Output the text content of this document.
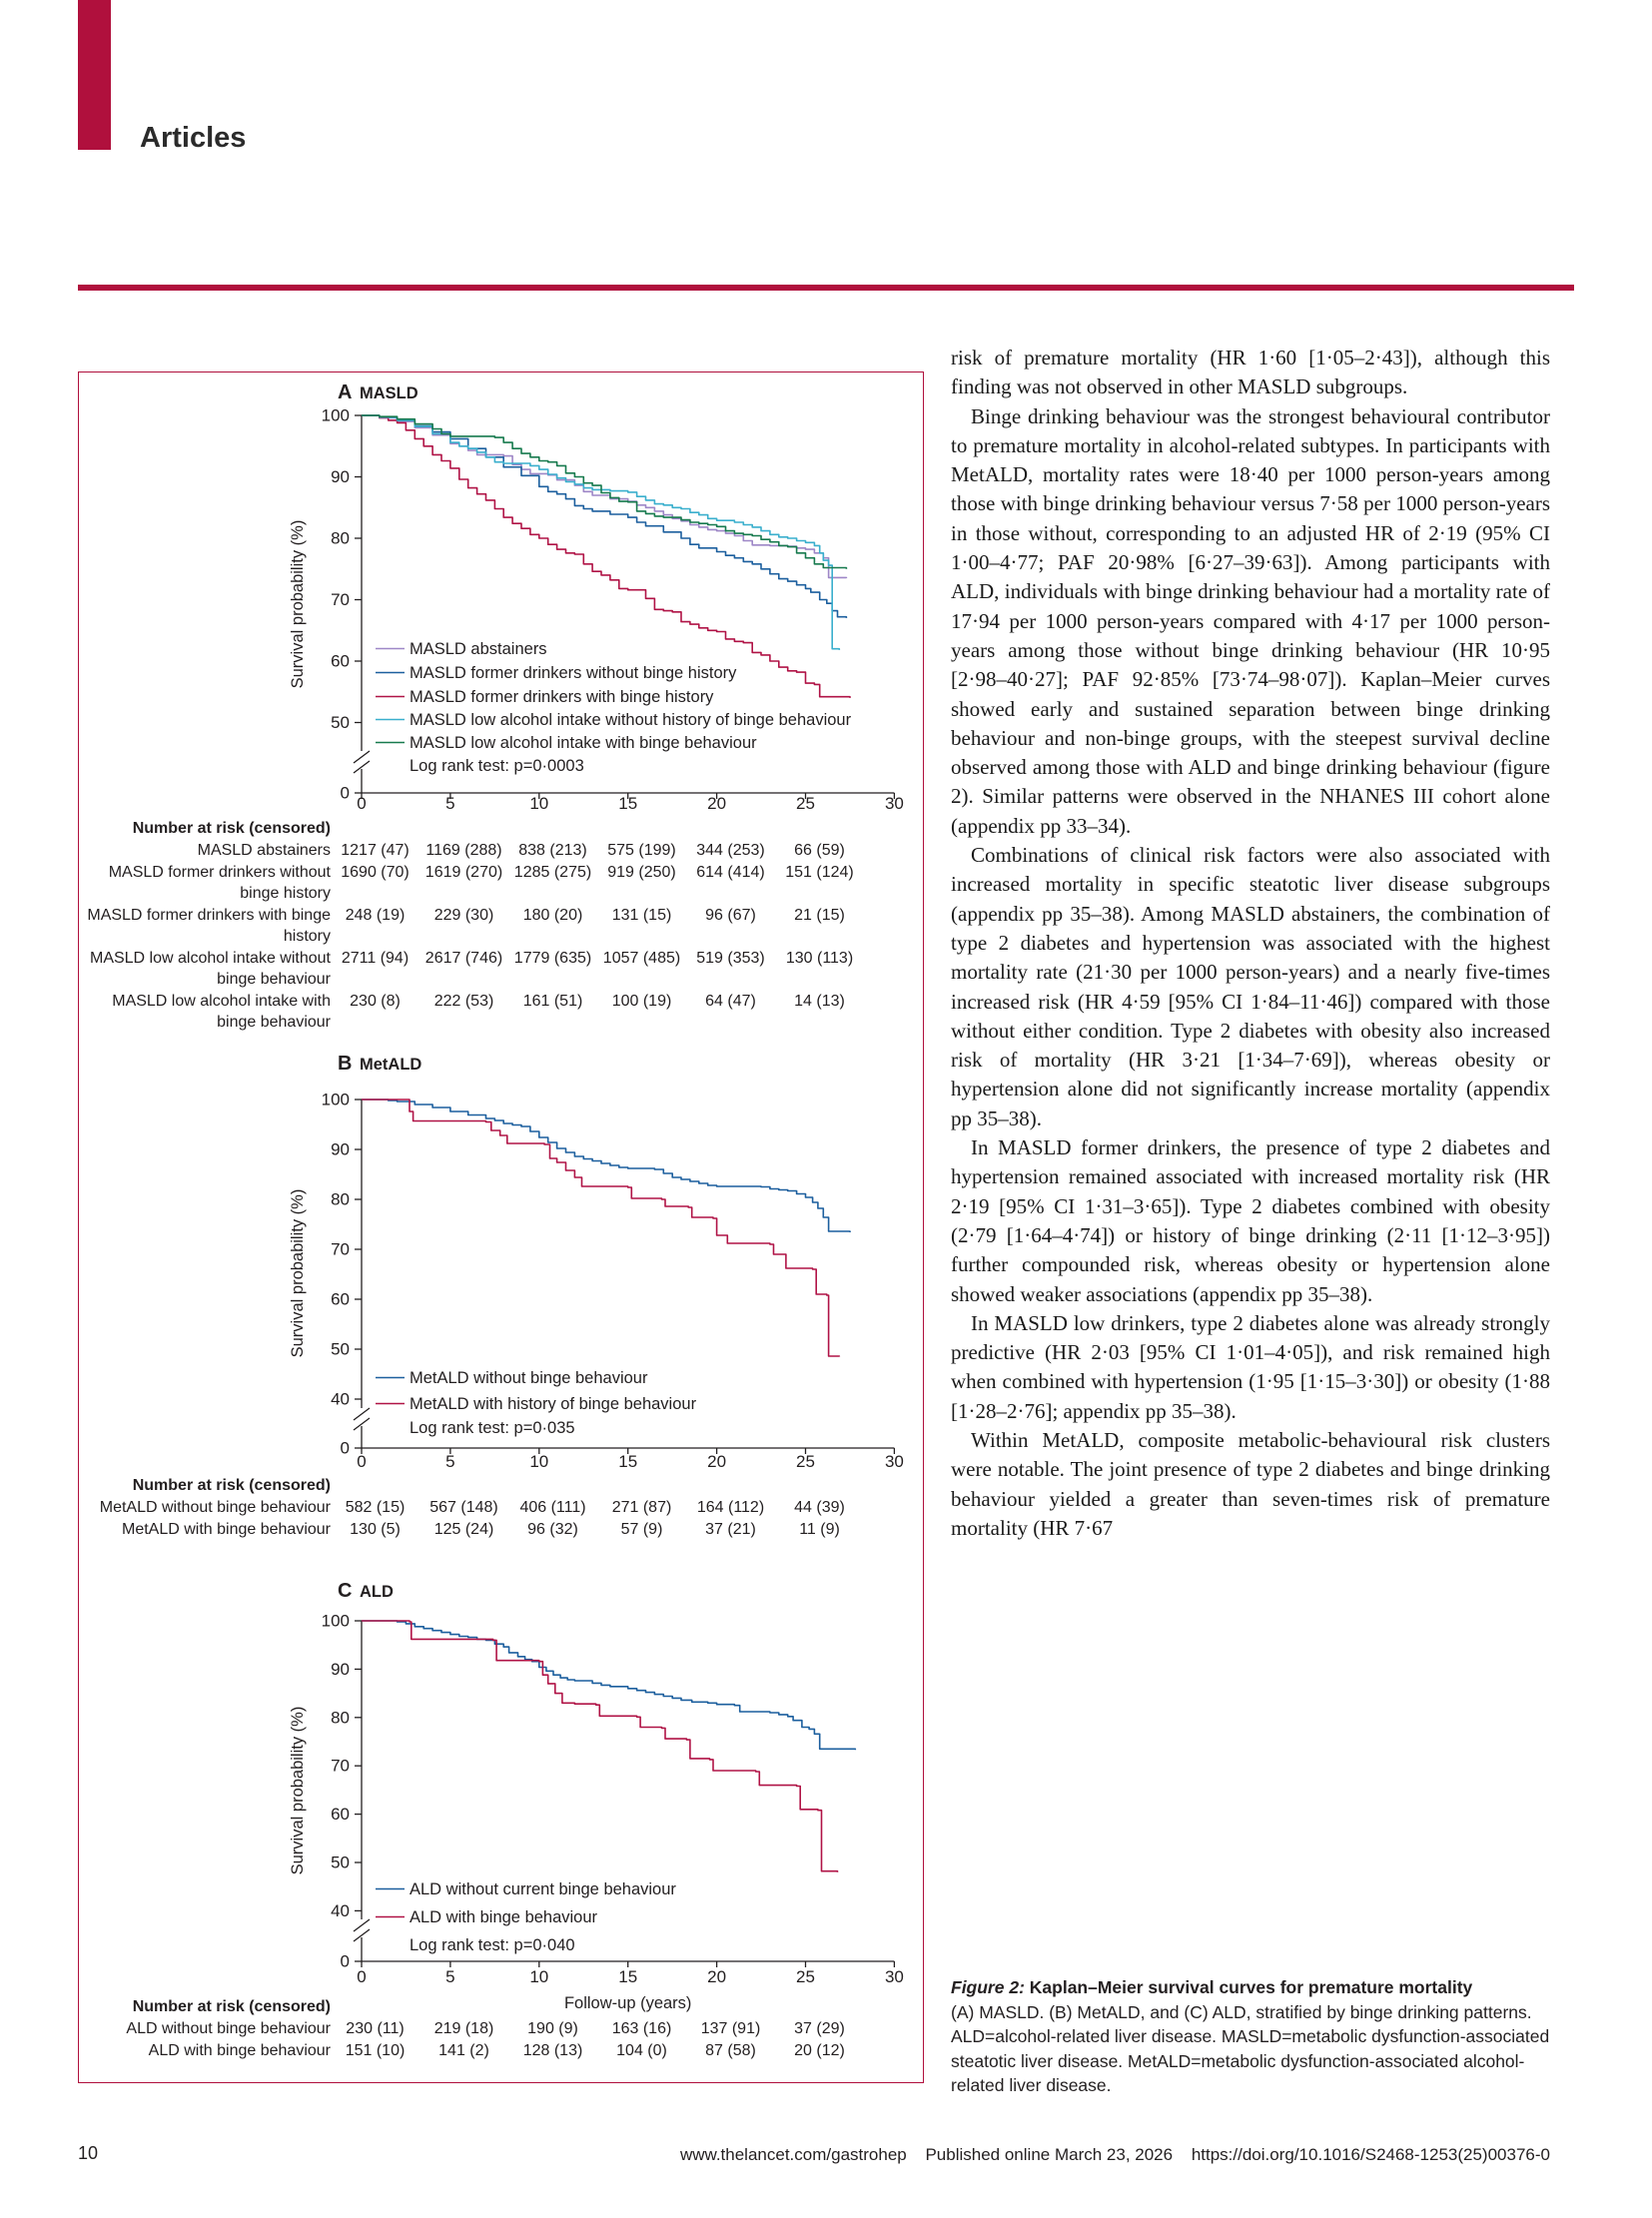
Articles
A MASLD
100
90
80
70
60
50
0
Survival probability (%)
0	5	10	15	20	25	30
MASLD abstainers
MASLD former drinkers without binge history
MASLD former drinkers with binge history
MASLD low alcohol intake without history of binge behaviour
MASLD low alcohol intake with binge behaviour
Log rank test: p=0·0003
B MetALD
100
90
80
70
60
50
40
0
Survival probability (%)
0	5	10	15	20	25	30
MetALD without binge behaviour
MetALD with history of binge behaviour
Log rank test: p=0·035
C ALD
100
90
80
70
60
50
40
0
Survival probability (%)
0	5	10	15	20	25	30
Follow-up (years)
ALD without current binge behaviour
ALD with binge behaviour
Log rank test: p=0·040
Number at risk (censored)
MASLD abstainers 1217 (47)	1169 (288)	838 (213)	575 (199)	344 (253)	66 (59)
MASLD former drinkers without binge history
1690 (70)	1619 (270) 1285 (275)	919 (250)	614 (414)	151 (124)
MASLD former drinkers with binge history
248 (19)	229 (30)	180 (20)	131 (15)	96 (67)	21 (15)
MASLD low alcohol intake without binge behaviour
2711 (94)	2617 (746) 1779 (635) 1057 (485)	519 (353)	130 (113)
MASLD low alcohol intake with binge behaviour
230 (8)	222 (53)	161 (51)	100 (19)	64 (47)	14 (13)
Number at risk (censored)
MetALD without binge behaviour 582 (15)	567 (148)	406 (111)	271 (87)	164 (112)	44 (39)
MetALD with binge behaviour	130 (5)	125 (24)	96 (32)	57 (9)	37 (21)	11 (9)
Number at risk (censored)
ALD without binge behaviour 230 (11)	219 (18)	190 (9)	163 (16)	137 (91)	37 (29)
ALD with binge behaviour 151 (10)	141 (2)	128 (13)	104 (0)	87 (58)	20 (12)

risk of premature mortality (HR 1·60 [1·05–2·43]), although this finding was not observed in other MASLD subgroups.

Binge drinking behaviour was the strongest behavioural contributor to premature mortality in alcohol-related subtypes. In participants with MetALD, mortality rates were 18·40 per 1000 person-years among those with binge drinking behaviour versus 7·58 per 1000 person-years in those without, corresponding to an adjusted HR of 2·19 (95% CI 1·00–4·77; PAF 20·98% [6·27–39·63]). Among participants with ALD, individuals with binge drinking behaviour had a mortality rate of 17·94 per 1000 person-years compared with 4·17 per 1000 person-years among those without binge drinking behaviour (HR 10·95 [2·98–40·27]; PAF 92·85% [73·74–98·07]). Kaplan–Meier curves showed early and sustained separation between binge drinking behaviour and non-binge groups, with the steepest survival decline observed among those with ALD and binge drinking behaviour (figure 2). Similar patterns were observed in the NHANES III cohort alone (appendix pp 33–34).

Combinations of clinical risk factors were also associated with increased mortality in specific steatotic liver disease subgroups (appendix pp 35–38). Among MASLD abstainers, the combination of type 2 diabetes and hypertension was associated with the highest mortality rate (21·30 per 1000 person-years) and a nearly five-times increased risk (HR 4·59 [95% CI 1·84–11·46]) compared with those without either condition. Type 2 diabetes with obesity also increased risk of mortality (HR 3·21 [1·34–7·69]), whereas obesity or hypertension alone did not significantly increase mortality (appendix pp 35–38).

In MASLD former drinkers, the presence of type 2 diabetes and hypertension remained associated with increased mortality risk (HR 2·19 [95% CI 1·31–3·65]). Type 2 diabetes combined with obesity (2·79 [1·64–4·74]) or history of binge drinking (2·11 [1·12–3·95]) further compounded risk, whereas obesity or hypertension alone showed weaker associations (appendix pp 35–38).

In MASLD low drinkers, type 2 diabetes alone was already strongly predictive (HR 2·03 [95% CI 1·01–4·05]), and risk remained high when combined with hypertension (1·95 [1·15–3·30]) or obesity (1·88 [1·28–2·76]; appendix pp 35–38).

Within MetALD, composite metabolic-behavioural risk clusters were notable. The joint presence of type 2 diabetes and binge drinking behaviour yielded a greater than seven-times risk of premature mortality (HR 7·67

Figure 2: Kaplan–Meier survival curves for premature mortality
(A) MASLD. (B) MetALD, and (C) ALD, stratified by binge drinking patterns. ALD=alcohol-related liver disease. MASLD=metabolic dysfunction-associated steatotic liver disease. MetALD=metabolic dysfunction-associated alcohol-related liver disease.
10	www.thelancet.com/gastrohep Published online March 23, 2026 https://doi.org/10.1016/S2468-1253(25)00376-0
